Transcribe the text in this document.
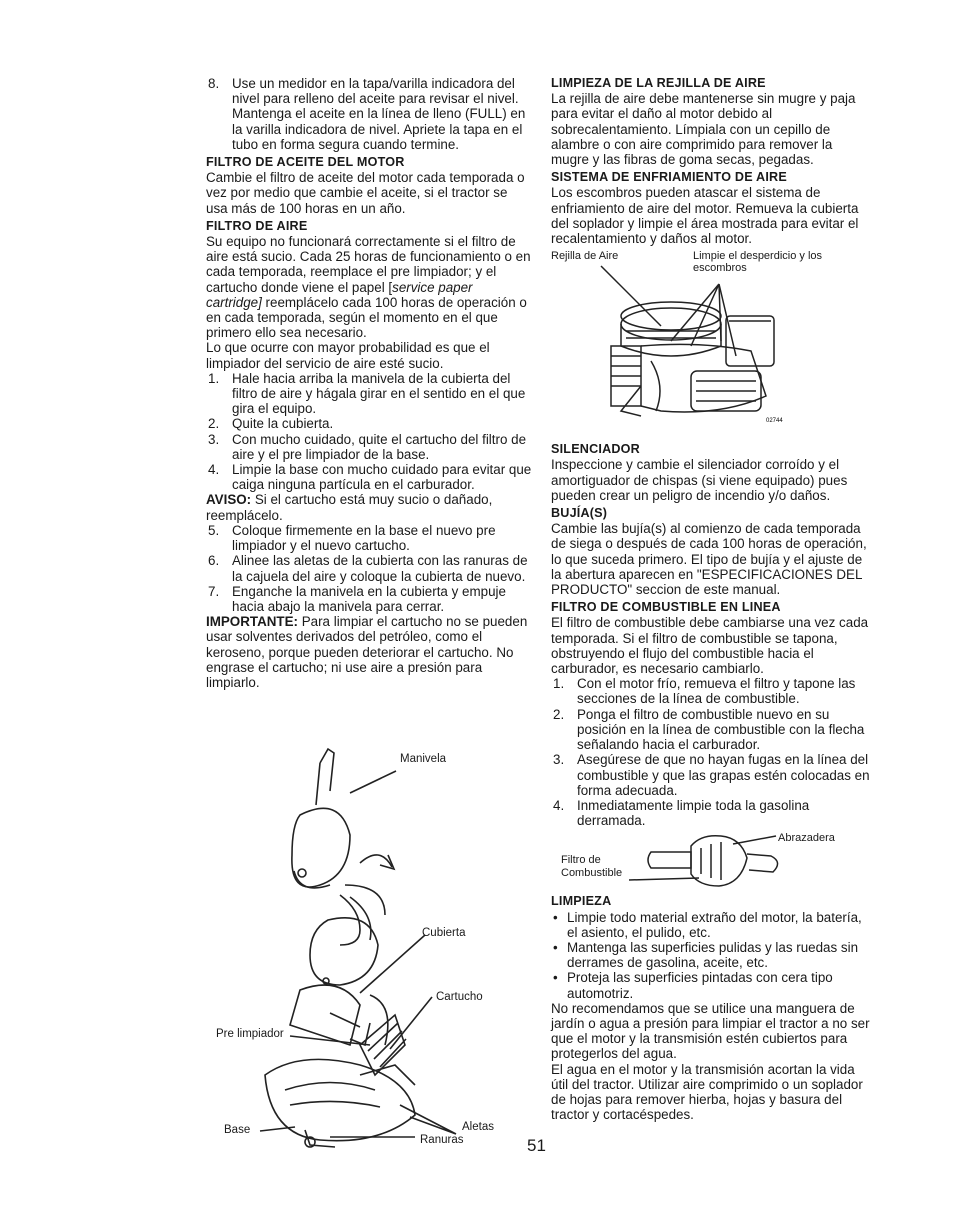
8. Use un medidor en la tapa/varilla indicadora del nivel para relleno del aceite para revisar el nivel. Mantenga el aceite en la línea de lleno (FULL) en la varilla indicadora de nivel. Apriete la tapa en el tubo en forma segura cuando termine.

FILTRO DE ACEITE DEL MOTOR

Cambie el filtro de aceite del motor cada temporada o vez por medio que cambie el aceite, si el tractor se usa más de 100 horas en un año.

FILTRO DE AIRE

Su equipo no funcionará correctamente si el filtro de aire está sucio. Cada 25 horas de funcionamiento o en cada temporada, reemplace el pre limpiador; y el cartucho donde viene el papel [service paper cartridge] reemplácelo cada 100 horas de operación o en cada temporada, según el momento en el que primero ello sea necesario.

Lo que ocurre con mayor probabilidad es que el limpiador del servicio de aire esté sucio.

1. Hale hacia arriba la manivela de la cubierta del filtro de aire y hágala girar en el sentido en el que gira el equipo.
2. Quite la cubierta.
3. Con mucho cuidado, quite el cartucho del filtro de aire y el pre limpiador de la base.
4. Limpie la base con mucho cuidado para evitar que caiga ninguna partícula en el carburador.

AVISO: Si el cartucho está muy sucio o dañado, reemplácelo.

5. Coloque firmemente en la base el nuevo pre limpiador y el nuevo cartucho.
6. Alinee las aletas de la cubierta con las ranuras de la cajuela del aire y coloque la cubierta de nuevo.
7. Enganche la manivela en la cubierta y empuje hacia abajo la manivela para cerrar.

IMPORTANTE: Para limpiar el cartucho no se pueden usar solventes derivados del petróleo, como el keroseno, porque pueden deteriorar el cartucho. No engrase el cartucho; ni use aire a presión para limpiarlo.

Manivela
Cubierta
Cartucho
Pre limpiador
Aletas
Base
Ranuras

LIMPIEZA DE LA REJILLA DE AIRE

La rejilla de aire debe mantenerse sin mugre y paja para evitar el daño al motor debido al sobrecalentamiento. Límpiala con un cepillo de alambre o con aire comprimido para remover la mugre y las fibras de goma secas, pegadas.

SISTEMA DE ENFRIAMIENTO DE AIRE

Los escombros pueden atascar el sistema de enfriamiento de aire del motor. Remueva la cubierta del soplador y limpie el área mostrada para evitar el recalentamiento y daños al motor.

Rejilla de Aire	Limpie el desperdicio y los escombros
02744

SILENCIADOR

Inspeccione y cambie el silenciador corroído y el amortiguador de chispas (si viene equipado) pues pueden crear un peligro de incendio y/o daños.

BUJÍA(S)

Cambie las bujía(s) al comienzo de cada temporada de siega o después de cada 100 horas de operación, lo que suceda primero. El tipo de bujía y el ajuste de la abertura aparecen en "ESPECIFICACIONES DEL PRODUCTO" seccion de este manual.

FILTRO DE COMBUSTIBLE EN LINEA

El filtro de combustible debe cambiarse una vez cada temporada. Si el filtro de combustible se tapona, obstruyendo el flujo del combustible hacia el carburador, es necesario cambiarlo.

1. Con el motor frío, remueva el filtro y tapone las secciones de la línea de combustible.
2. Ponga el filtro de combustible nuevo en su posición en la línea de combustible con la flecha señalando hacia el carburador.
3. Asegúrese de que no hayan fugas en la línea del combustible y que las grapas estén colocadas en forma adecuada.
4. Inmediatamente limpie toda la gasolina derramada.
Filtro de
Combustible
Abrazadera

LIMPIEZA

• Limpie todo material extraño del motor, la batería, el asiento, el pulido, etc.
• Mantenga las superficies pulidas y las ruedas sin derrames de gasolina, aceite, etc.
• Proteja las superficies pintadas con cera tipo automotriz.

No recomendamos que se utilice una manguera de jardín o agua a presión para limpiar el tractor a no ser que el motor y la transmisión estén cubiertos para protegerlos del agua.

El agua en el motor y la transmisión acortan la vida útil del tractor. Utilizar aire comprimido o un soplador de hojas para remover hierba, hojas y basura del tractor y cortacéspedes.

51
